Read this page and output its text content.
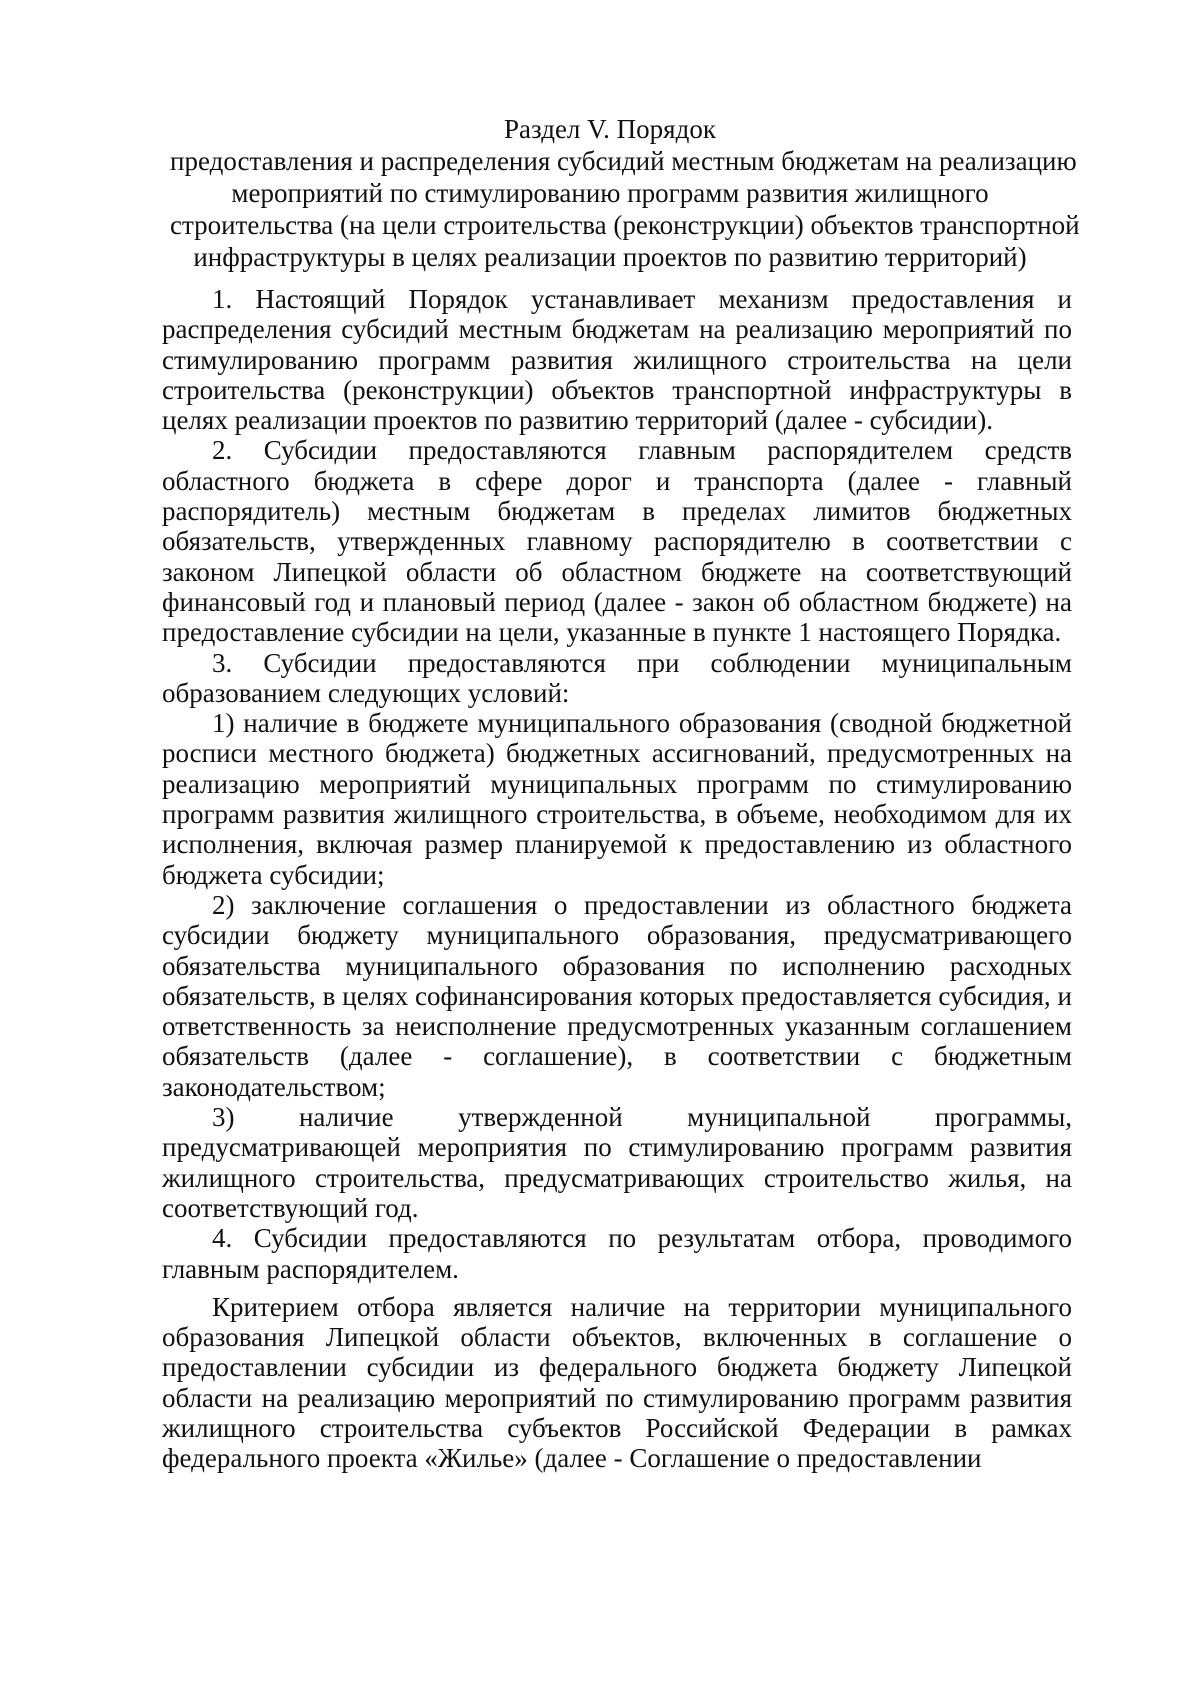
Раздел V. Порядок
предоставления и распределения субсидий местным бюджетам на реализацию
мероприятий по стимулированию программ развития жилищного
строительства (на цели строительства (реконструкции) объектов транспортной
инфраструктуры в целях реализации проектов по развитию территорий)

1. Настоящий Порядок устанавливает механизм предоставления и распределения субсидий местным бюджетам на реализацию мероприятий по стимулированию программ развития жилищного строительства на цели строительства (реконструкции) объектов транспортной инфраструктуры в целях реализации проектов по развитию территорий (далее - субсидии).

2. Субсидии предоставляются главным распорядителем средств областного бюджета в сфере дорог и транспорта (далее - главный распорядитель) местным бюджетам в пределах лимитов бюджетных обязательств, утвержденных главному распорядителю в соответствии с законом Липецкой области об областном бюджете на соответствующий финансовый год и плановый период (далее - закон об областном бюджете) на предоставление субсидии на цели, указанные в пункте 1 настоящего Порядка.

3. Субсидии предоставляются при соблюдении муниципальным образованием следующих условий:

1) наличие в бюджете муниципального образования (сводной бюджетной росписи местного бюджета) бюджетных ассигнований, предусмотренных на реализацию мероприятий муниципальных программ по стимулированию программ развития жилищного строительства, в объеме, необходимом для их исполнения, включая размер планируемой к предоставлению из областного бюджета субсидии;

2) заключение соглашения о предоставлении из областного бюджета субсидии бюджету муниципального образования, предусматривающего обязательства муниципального образования по исполнению расходных обязательств, в целях софинансирования которых предоставляется субсидия, и ответственность за неисполнение предусмотренных указанным соглашением обязательств (далее - соглашение), в соответствии с бюджетным законодательством;

3) наличие утвержденной муниципальной программы, предусматривающей мероприятия по стимулированию программ развития жилищного строительства, предусматривающих строительство жилья, на соответствующий год.

4. Субсидии предоставляются по результатам отбора, проводимого главным распорядителем.

Критерием отбора является наличие на территории муниципального образования Липецкой области объектов, включенных в соглашение о предоставлении субсидии из федерального бюджета бюджету Липецкой области на реализацию мероприятий по стимулированию программ развития жилищного строительства субъектов Российской Федерации в рамках федерального проекта «Жилье» (далее - Соглашение о предоставлении
